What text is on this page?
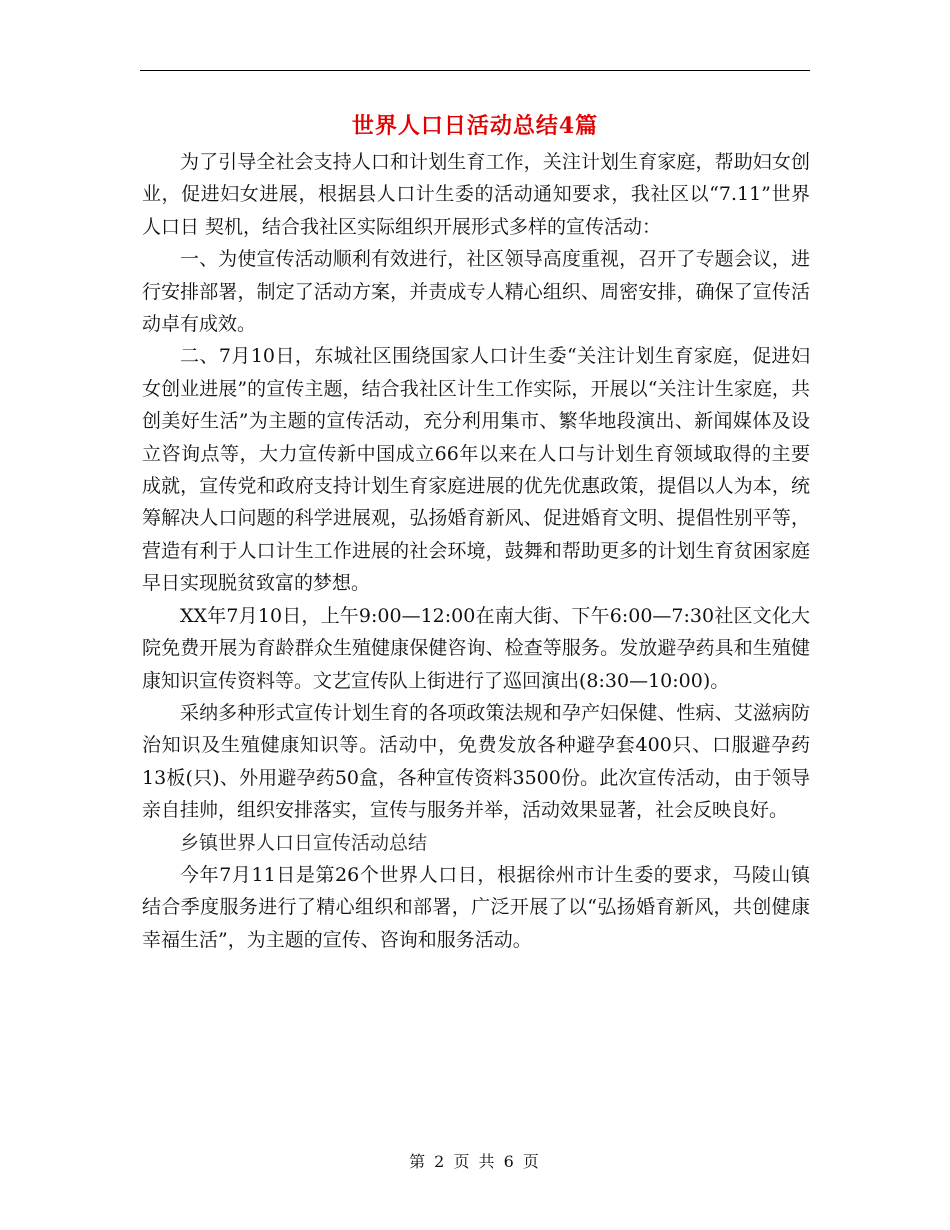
世界人口日活动总结4篇

为了引导全社会支持人口和计划生育工作，关注计划生育家庭，帮助妇女创业，促进妇女进展，根据县人口计生委的活动通知要求，我社区以“7.11”世界人口日 契机，结合我社区实际组织开展形式多样的宣传活动：

一、为使宣传活动顺利有效进行，社区领导高度重视，召开了专题会议，进行安排部署，制定了活动方案，并责成专人精心组织、周密安排，确保了宣传活动卓有成效。

二、7月10日，东城社区围绕国家人口计生委“关注计划生育家庭，促进妇女创业进展”的宣传主题，结合我社区计生工作实际，开展以“关注计生家庭，共创美好生活”为主题的宣传活动，充分利用集市、繁华地段演出、新闻媒体及设立咨询点等，大力宣传新中国成立66年以来在人口与计划生育领域取得的主要成就，宣传党和政府支持计划生育家庭进展的优先优惠政策，提倡以人为本，统筹解决人口问题的科学进展观，弘扬婚育新风、促进婚育文明、提倡性别平等，营造有利于人口计生工作进展的社会环境，鼓舞和帮助更多的计划生育贫困家庭早日实现脱贫致富的梦想。

XX年7月10日，上午9:00—12:00在南大街、下午6:00—7:30社区文化大院免费开展为育龄群众生殖健康保健咨询、检查等服务。发放避孕药具和生殖健康知识宣传资料等。文艺宣传队上街进行了巡回演出(8:30—10:00)。

采纳多种形式宣传计划生育的各项政策法规和孕产妇保健、性病、艾滋病防治知识及生殖健康知识等。活动中，免费发放各种避孕套400只、口服避孕药13板(只)、外用避孕药50盒，各种宣传资料3500份。此次宣传活动，由于领导亲自挂帅，组织安排落实，宣传与服务并举，活动效果显著，社会反映良好。

乡镇世界人口日宣传活动总结

今年7月11日是第26个世界人口日，根据徐州市计生委的要求，马陵山镇结合季度服务进行了精心组织和部署，广泛开展了以“弘扬婚育新风，共创健康幸福生活”，为主题的宣传、咨询和服务活动。

第 2 页 共 6 页
